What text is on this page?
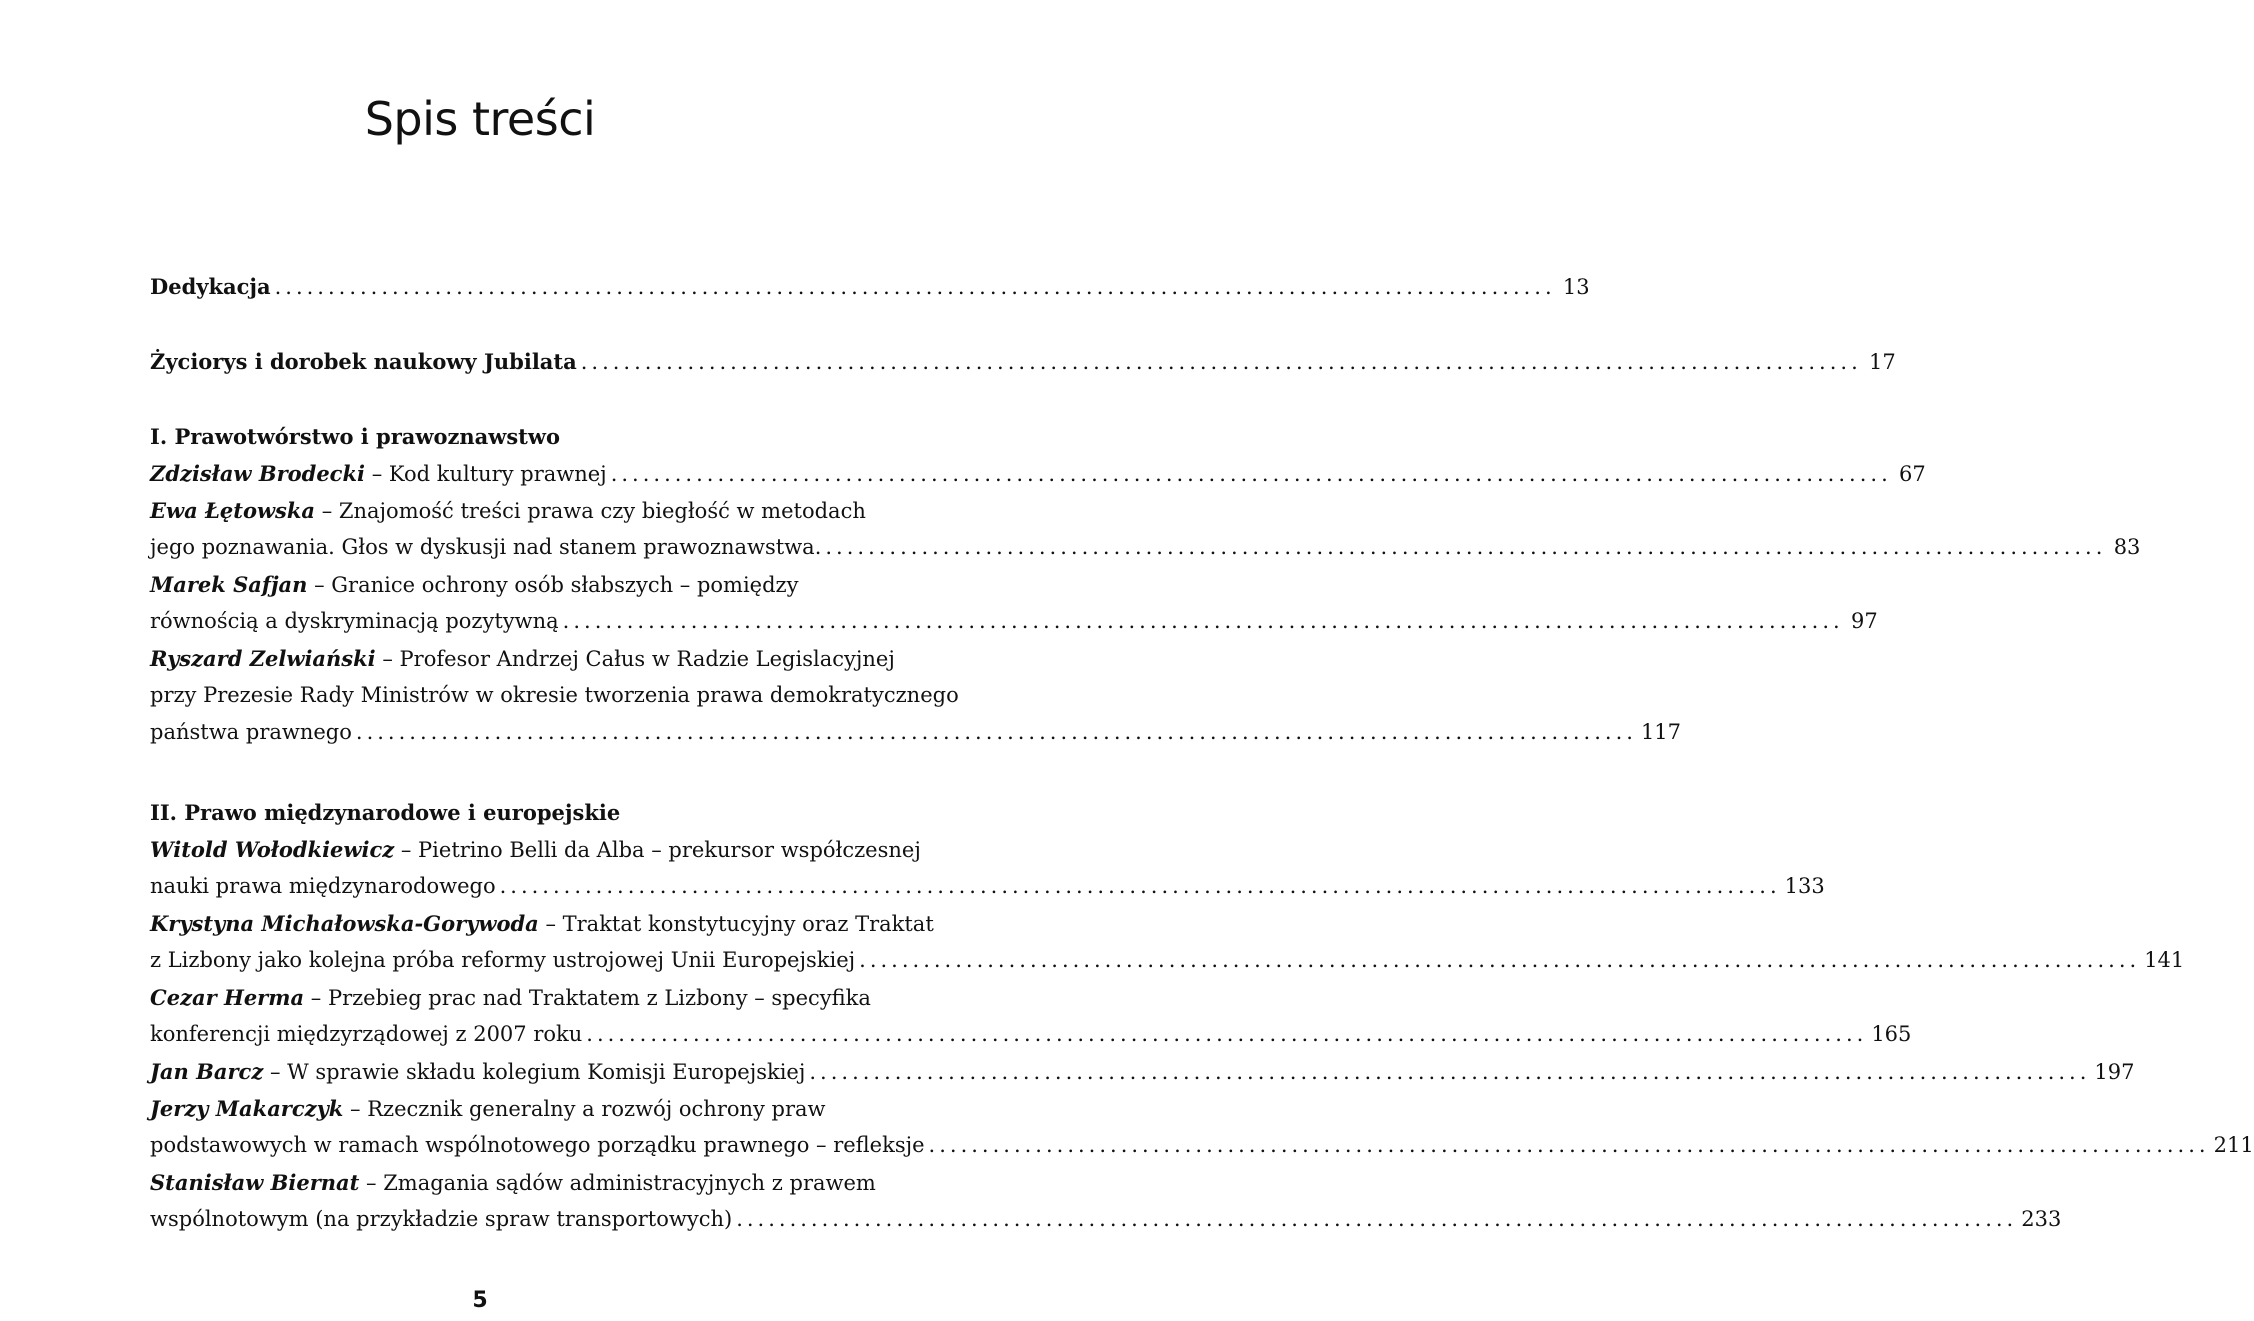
Spis treści
Dedykacja ........................................................................................................................ 13
Życiorys i dorobek naukowy Jubilata ........................................................................................................................ 17
I. Prawotwórstwo i prawoznawstwo
Zdzisław Brodecki – Kod kultury prawnej ........................................................................................................................ 67
Ewa Łętowska – Znajomość treści prawa czy biegłość w metodach
jego poznawania. Głos w dyskusji nad stanem prawoznawstwa. ........................................................................................................................ 83
Marek Safjan – Granice ochrony osób słabszych – pomiędzy
równością a dyskryminacją pozytywną ........................................................................................................................ 97
Ryszard Zelwiański – Profesor Andrzej Całus w Radzie Legislacyjnej
przy Prezesie Rady Ministrów w okresie tworzenia prawa demokratycznego
państwa prawnego ........................................................................................................................ 117
II. Prawo międzynarodowe i europejskie
Witold Wołodkiewicz – Pietrino Belli da Alba – prekursor współczesnej
nauki prawa międzynarodowego ........................................................................................................................ 133
Krystyna Michałowska-Gorywoda – Traktat konstytucyjny oraz Traktat
z Lizbony jako kolejna próba reformy ustrojowej Unii Europejskiej ........................................................................................................................ 141
Cezar Herma – Przebieg prac nad Traktatem z Lizbony – specyfika
konferencji międzyrządowej z 2007 roku ........................................................................................................................ 165
Jan Barcz – W sprawie składu kolegium Komisji Europejskiej ........................................................................................................................ 197
Jerzy Makarczyk – Rzecznik generalny a rozwój ochrony praw
podstawowych w ramach wspólnotowego porządku prawnego – refleksje ........................................................................................................................ 211
Stanisław Biernat – Zmagania sądów administracyjnych z prawem
wspólnotowym (na przykładzie spraw transportowych) ........................................................................................................................ 233
5
